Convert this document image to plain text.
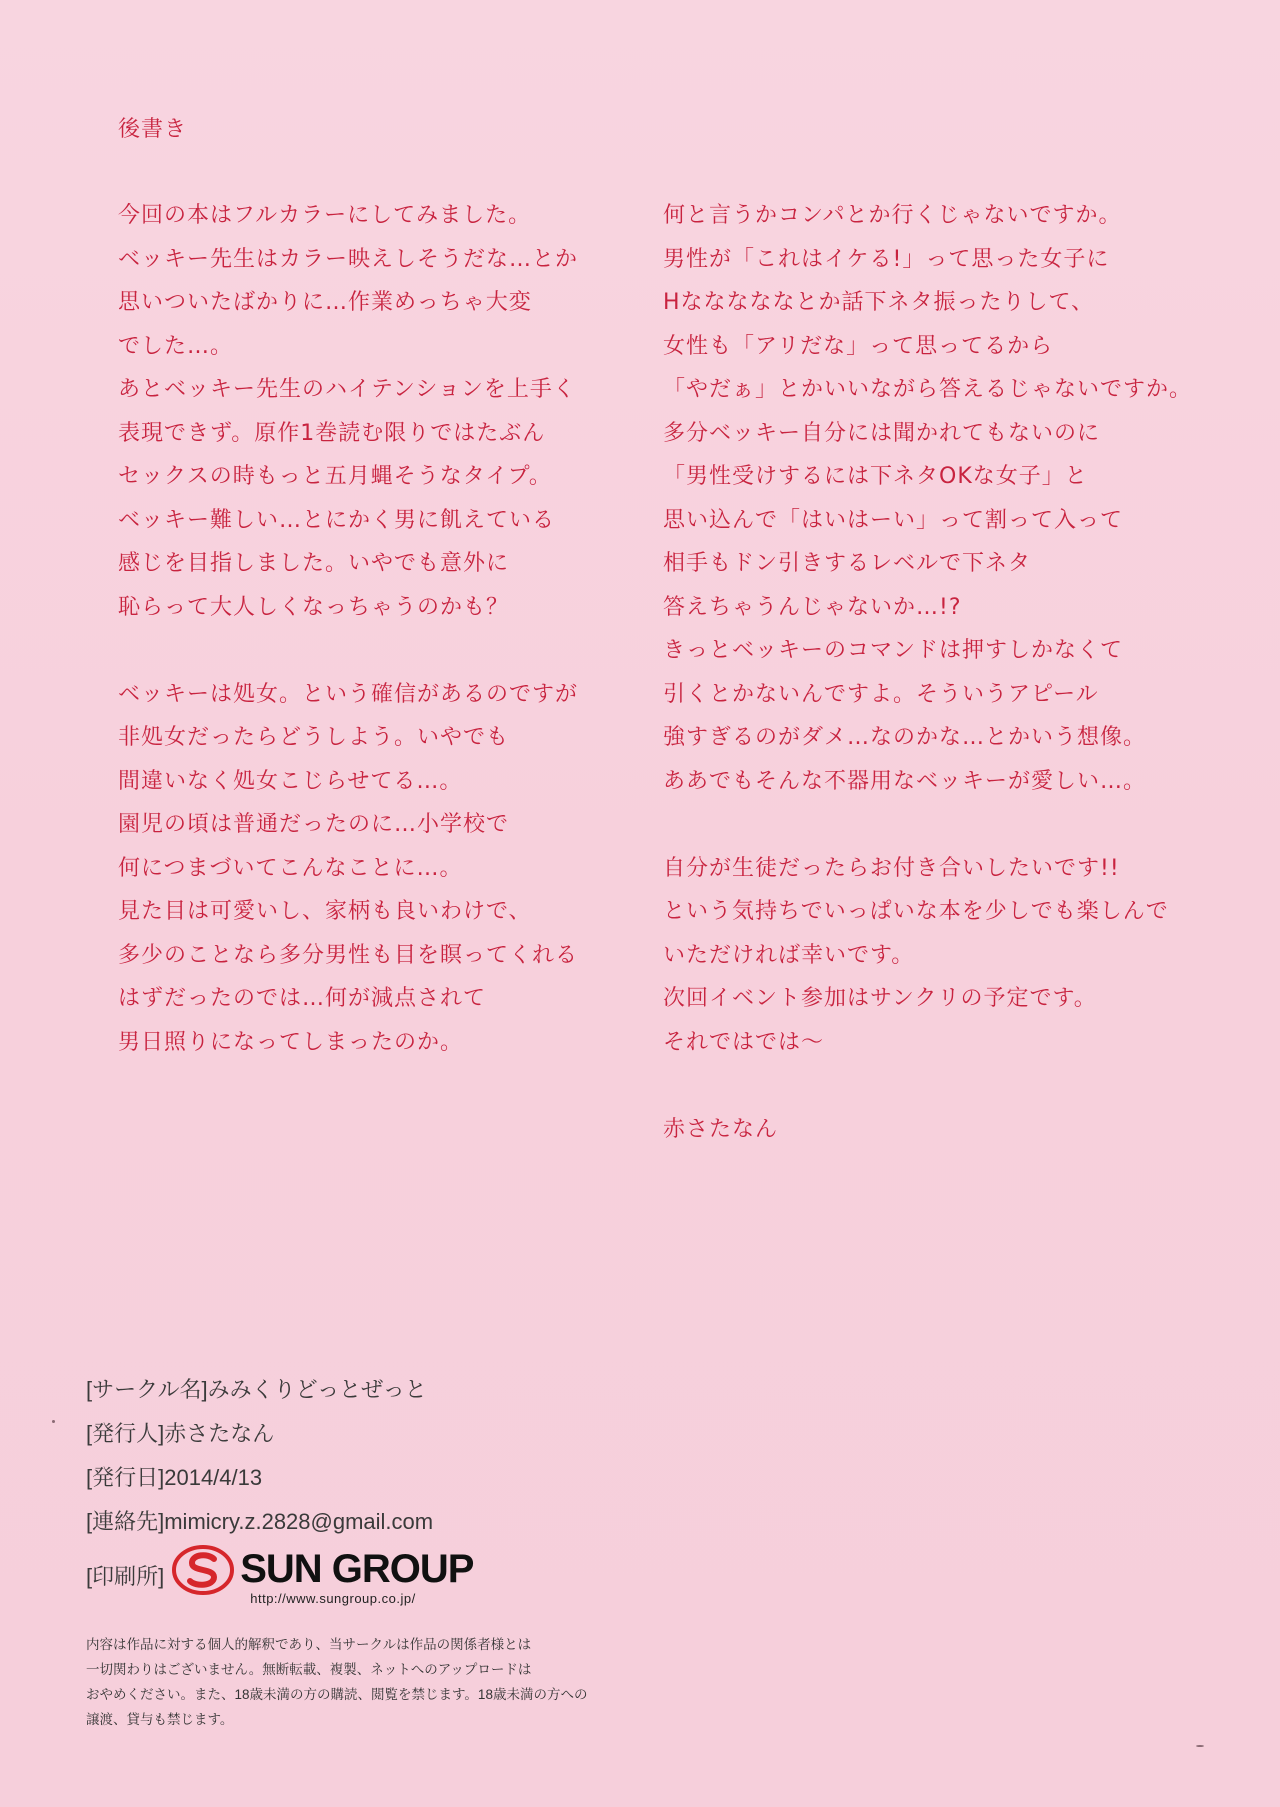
後書き
今回の本はフルカラーにしてみました。
ベッキー先生はカラー映えしそうだな…とか
思いついたばかりに…作業めっちゃ大変
でした…。
あとベッキー先生のハイテンションを上手く
表現できず。原作1巻読む限りではたぶん
セックスの時もっと五月蝿そうなタイプ。
ベッキー難しい…とにかく男に飢えている
感じを目指しました。いやでも意外に
恥らって大人しくなっちゃうのかも？
ベッキーは処女。という確信があるのですが
非処女だったらどうしよう。いやでも
間違いなく処女こじらせてる…。
園児の頃は普通だったのに…小学校で
何につまづいてこんなことに…。
見た目は可愛いし、家柄も良いわけで、
多少のことなら多分男性も目を瞑ってくれる
はずだったのでは…何が減点されて
男日照りになってしまったのか。
何と言うかコンパとか行くじゃないですか。
男性が「これはイケる!」って思った女子に
Hなななななとか話下ネタ振ったりして、
女性も「アリだな」って思ってるから
「やだぁ」とかいいながら答えるじゃないですか。
多分ベッキー自分には聞かれてもないのに
「男性受けするには下ネタOKな女子」と
思い込んで「はいはーい」って割って入って
相手もドン引きするレベルで下ネタ
答えちゃうんじゃないか…!?
きっとベッキーのコマンドは押すしかなくて
引くとかないんですよ。そういうアピール
強すぎるのがダメ…なのかな…とかいう想像。
ああでもそんな不器用なベッキーが愛しい…。
自分が生徒だったらお付き合いしたいです!!
という気持ちでいっぱいな本を少しでも楽しんで
いただければ幸いです。
次回イベント参加はサンクリの予定です。
それではでは～
赤さたなん
[サークル名]みみくりどっとぜっと
[発行人]赤さたなん
[発行日]2014/4/13
[連絡先]mimicry.z.2828@gmail.com
[印刷所] SUN GROUP
http://www.sungroup.co.jp/
内容は作品に対する個人的解釈であり、当サークルは作品の関係者様とは
一切関わりはございません。無断転載、複製、ネットへのアップロードは
おやめください。また、18歳未満の方の購読、閲覧を禁じます。18歳未満の方への
譲渡、貸与も禁じます。
